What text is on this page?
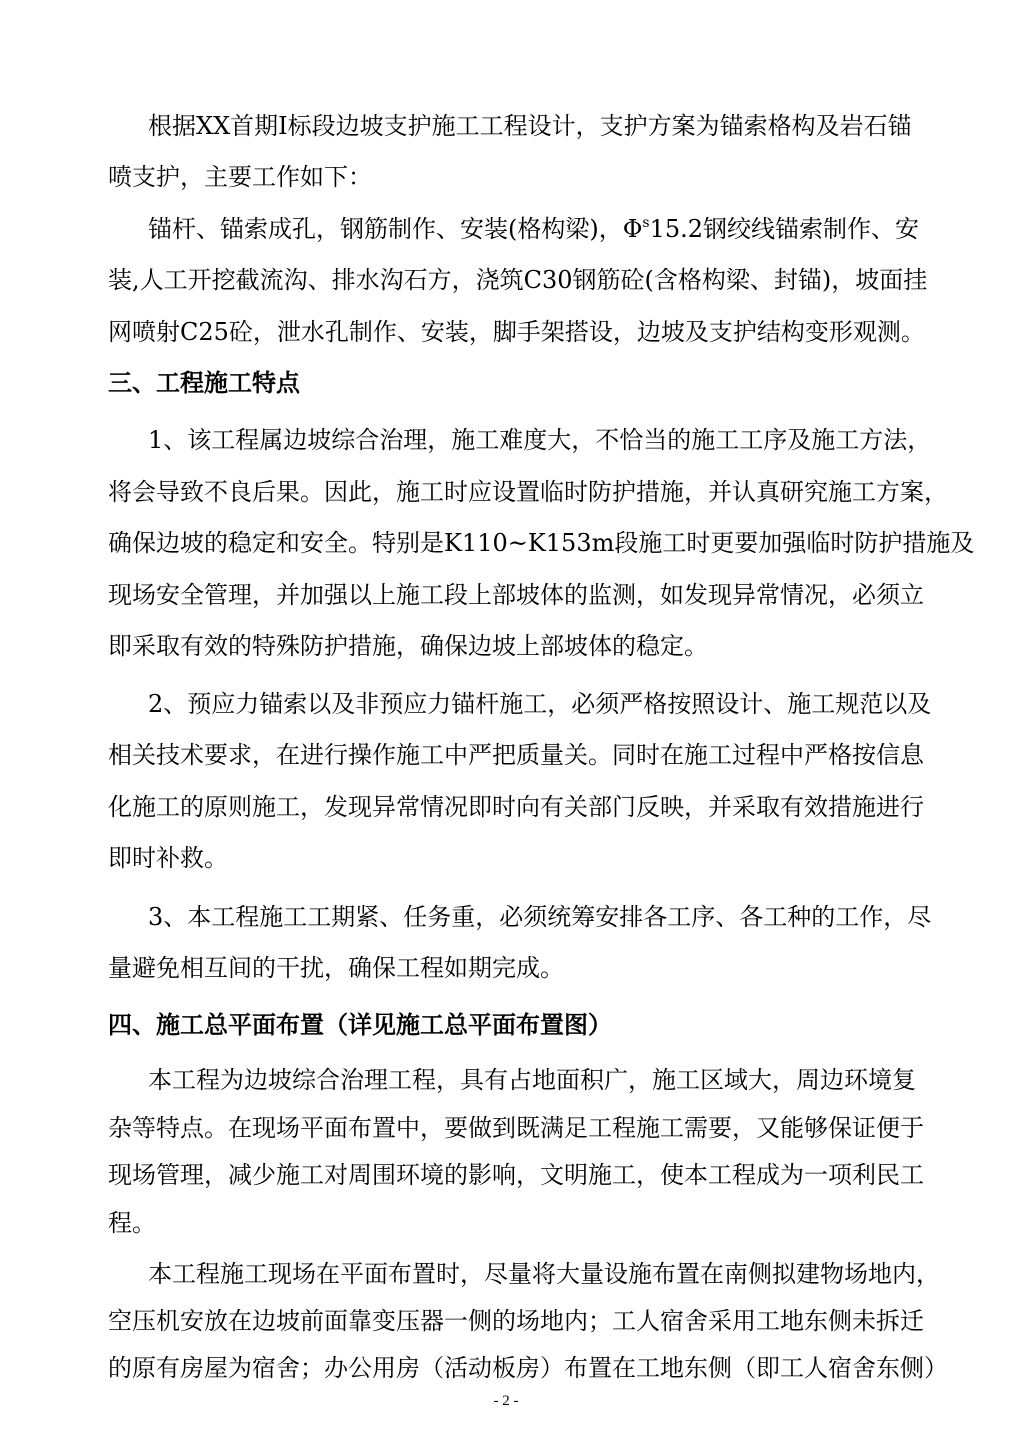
根据XX首期I标段边坡支护施工工程设计，支护方案为锚索格构及岩石锚
喷支护，主要工作如下：
锚杆、锚索成孔，钢筋制作、安装(格构梁)，$\Phi^s15.2$钢绞线锚索制作、安
装,人工开挖截流沟、排水沟石方，浇筑C30钢筋砼(含格构梁、封锚)，坡面挂
网喷射C25砼，泄水孔制作、安装，脚手架搭设，边坡及支护结构变形观测。
三、工程施工特点
1、该工程属边坡综合治理，施工难度大，不恰当的施工工序及施工方法，
将会导致不良后果。因此，施工时应设置临时防护措施，并认真研究施工方案，
确保边坡的稳定和安全。特别是K110~K153m段施工时更要加强临时防护措施及
现场安全管理，并加强以上施工段上部坡体的监测，如发现异常情况，必须立
即采取有效的特殊防护措施，确保边坡上部坡体的稳定。
2、预应力锚索以及非预应力锚杆施工，必须严格按照设计、施工规范以及
相关技术要求，在进行操作施工中严把质量关。同时在施工过程中严格按信息
化施工的原则施工，发现异常情况即时向有关部门反映，并采取有效措施进行
即时补救。
3、本工程施工工期紧、任务重，必须统筹安排各工序、各工种的工作，尽
量避免相互间的干扰，确保工程如期完成。
四、施工总平面布置（详见施工总平面布置图）
本工程为边坡综合治理工程，具有占地面积广，施工区域大，周边环境复
杂等特点。在现场平面布置中，要做到既满足工程施工需要，又能够保证便于
现场管理，减少施工对周围环境的影响，文明施工，使本工程成为一项利民工
程。
本工程施工现场在平面布置时，尽量将大量设施布置在南侧拟建物场地内，
空压机安放在边坡前面靠变压器一侧的场地内；工人宿舍采用工地东侧未拆迁
的原有房屋为宿舍；办公用房（活动板房）布置在工地东侧（即工人宿舍东侧）
- 2 -
